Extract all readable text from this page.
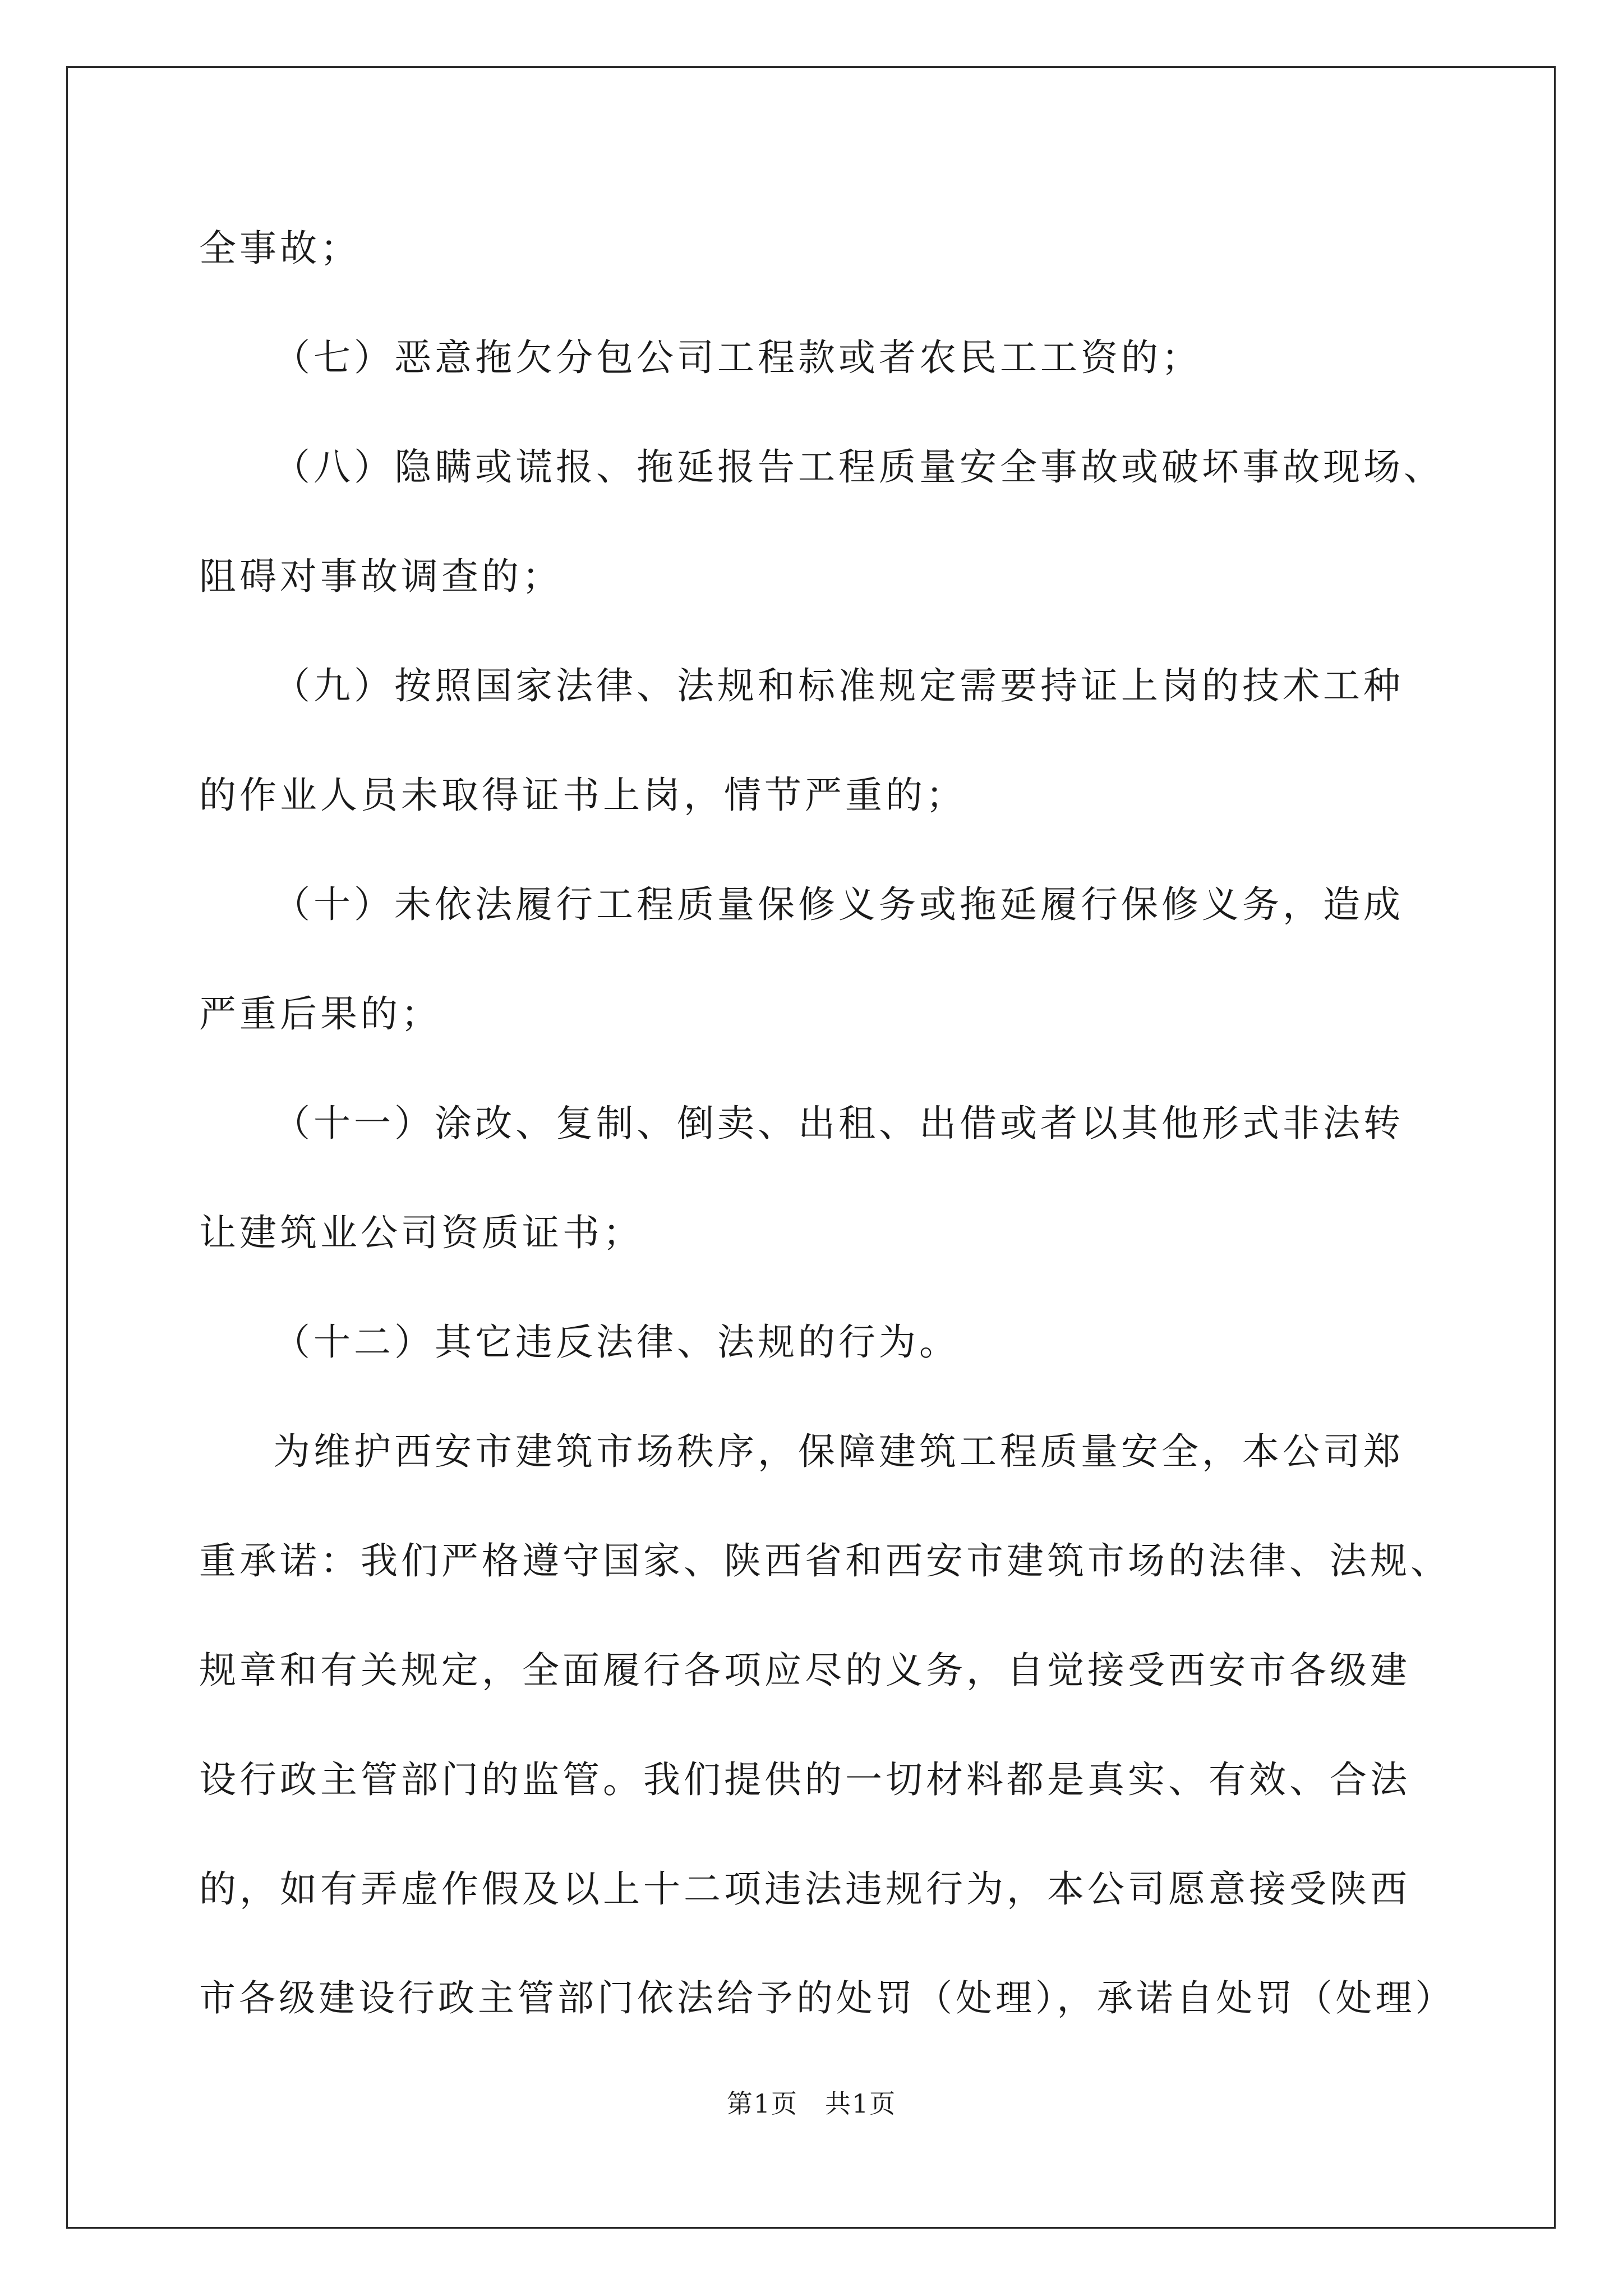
全事故；
（七）恶意拖欠分包公司工程款或者农民工工资的；
（八）隐瞒或谎报、拖延报告工程质量安全事故或破坏事故现场、
阻碍对事故调查的；
（九）按照国家法律、法规和标准规定需要持证上岗的技术工种
的作业人员未取得证书上岗，情节严重的；
（十）未依法履行工程质量保修义务或拖延履行保修义务，造成
严重后果的；
（十一）涂改、复制、倒卖、出租、出借或者以其他形式非法转
让建筑业公司资质证书；
（十二）其它违反法律、法规的行为。
为维护西安市建筑市场秩序，保障建筑工程质量安全，本公司郑
重承诺：我们严格遵守国家、陕西省和西安市建筑市场的法律、法规、
规章和有关规定，全面履行各项应尽的义务，自觉接受西安市各级建
设行政主管部门的监管。我们提供的一切材料都是真实、有效、合法
的，如有弄虚作假及以上十二项违法违规行为，本公司愿意接受陕西
市各级建设行政主管部门依法给予的处罚（处理），承诺自处罚（处理）
第1页　共1页
